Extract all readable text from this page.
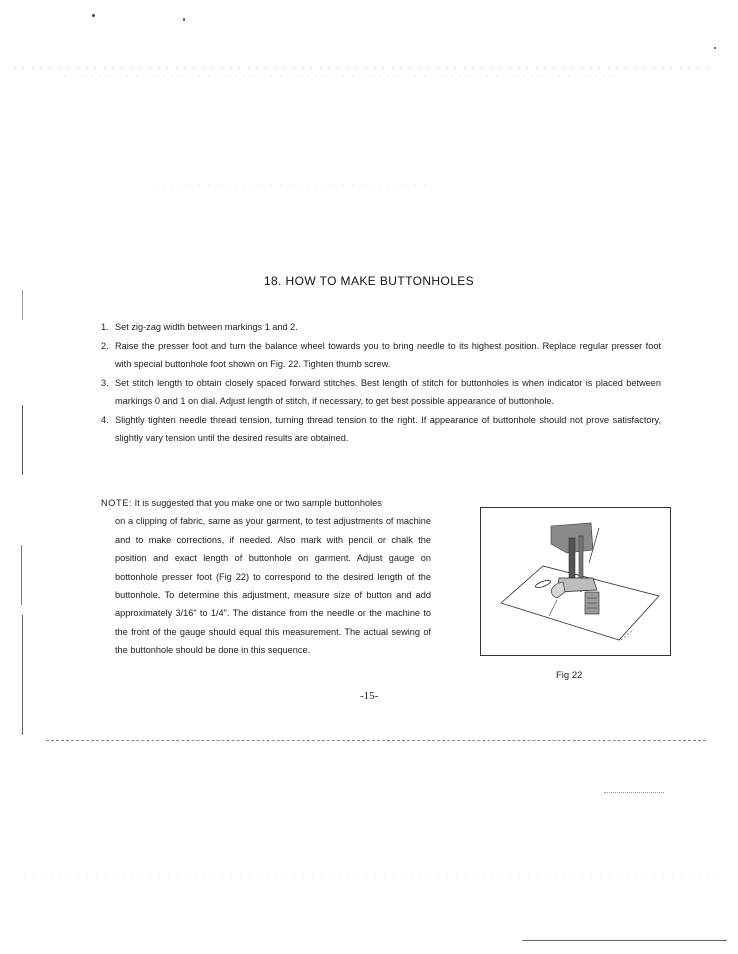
18. HOW TO MAKE BUTTONHOLES
1. Set zig-zag width between markings 1 and 2.
2. Raise the presser foot and turn the balance wheel towards you to bring needle to its highest position. Replace regular presser foot with special buttonhole foot shown on Fig. 22. Tighten thumb screw.
3. Set stitch length to obtain closely spaced forward stitches. Best length of stitch for buttonholes is when indicator is placed between markings 0 and 1 on dial. Adjust length of stitch, if necessary, to get best possible appearance of buttonhole.
4. Slightly tighten needle thread tension, turning thread tension to the right. If appearance of buttonhole should not prove satisfactory, slightly vary tension until the desired results are obtained.
NOTE: It is suggested that you make one or two sample buttonholes
on a clipping of fabric, same as your garment, to test adjustments of machine and to make corrections, if needed. Also mark with pencil or chalk the position and exact length of buttonhole on garment. Adjust gauge on bottonhole presser foot (Fig 22) to correspond to the desired length of the buttonhole. To determine this adjustment, measure size of button and add approximately 3/16" to 1/4". The distance from the needle or the machine to the front of the gauge should equal this measurement. The actual sewing of the buttonhole should be done in this sequence.
Fig 22
-15-
